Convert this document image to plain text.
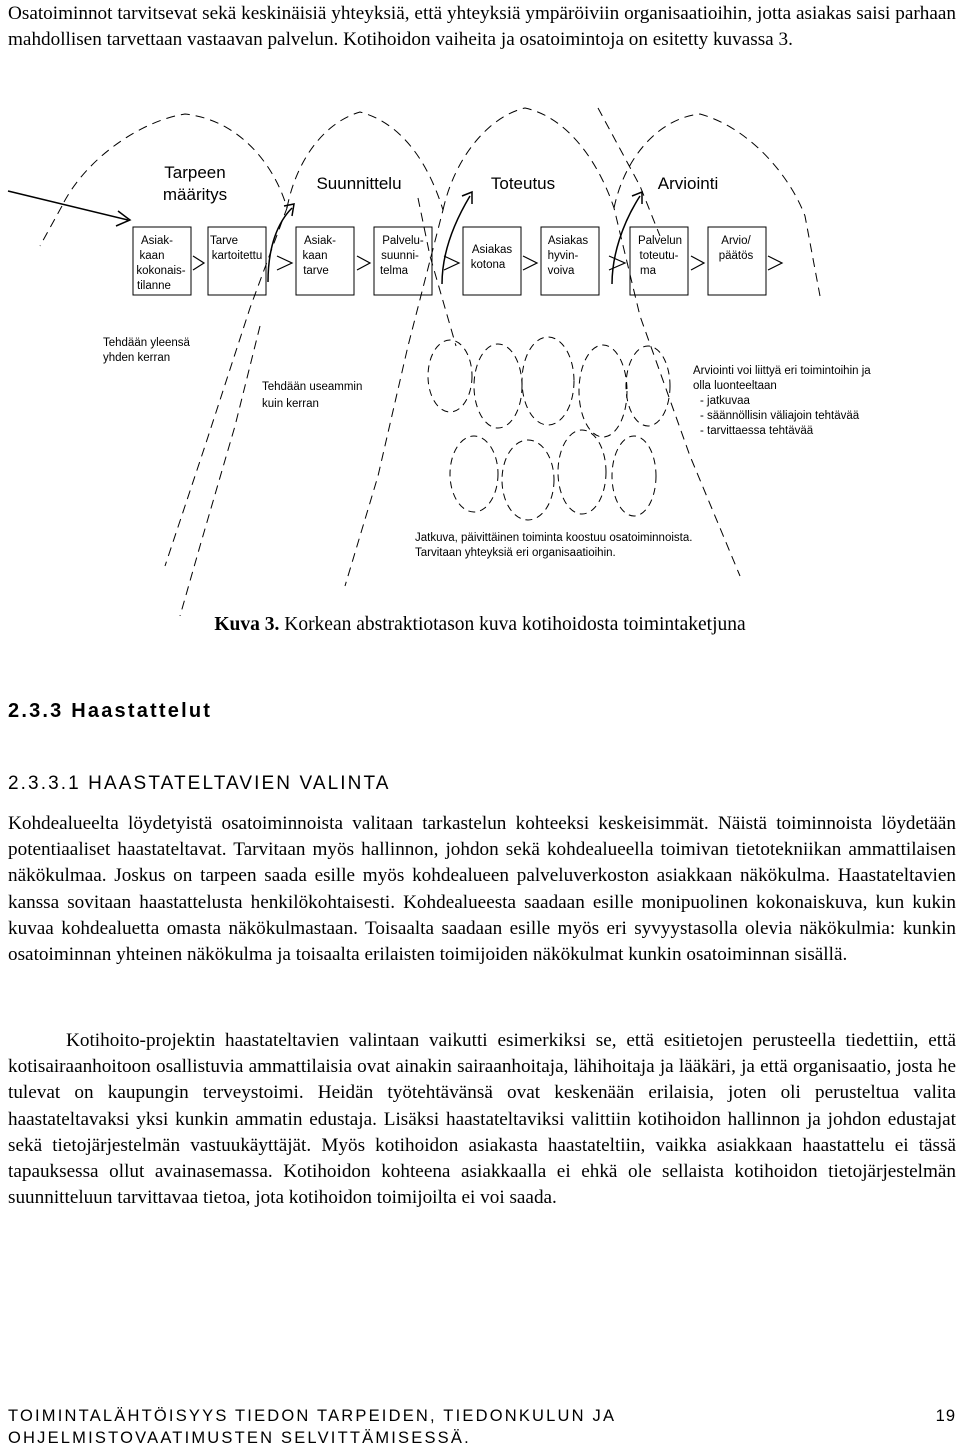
Osatoiminnot tarvitsevat sekä keskinäisiä yhteyksiä, että yhteyksiä ympäröiviin organisaatioihin, jotta asiakas saisi parhaan mahdollisen tarvettaan vastaavan palvelun. Kotihoidon vaiheita ja osatoimintoja on esitetty kuvassa 3.

Tarpeen
määritys
Suunnittelu	Toteutus	Arviointi
Asiak-
kaan
kokonais-
tilanne
Tarve
kartoitettu
Asiak-
kaan
tarve
Palvelu-
suunni-
telma
Asiakas
kotona
Asiakas
hyvin-
voiva
Palvelun
toteutu-
ma
Arvio/
päätös
Tehdään yleensä
yhden kerran
Tehdään useammin
kuin kerran
Arviointi voi liittyä eri toimintoihin ja
olla luonteeltaan
- jatkuvaa
- säännöllisin väliajoin tehtävää
- tarvittaessa tehtävää
Jatkuva, päivittäinen toiminta koostuu osatoiminnoista.
Tarvitaan yhteyksiä eri organisaatioihin.
Kuva 3. Korkean abstraktiotason kuva kotihoidosta toimintaketjuna
2.3.3 Haastattelut
2.3.3.1 HAASTATELTAVIEN VALINTA

Kohdealueelta löydetyistä osatoiminnoista valitaan tarkastelun kohteeksi keskeisimmät. Näistä toiminnoista löydetään potentiaaliset haastateltavat. Tarvitaan myös hallinnon, johdon sekä kohdealueella toimivan tietotekniikan ammattilaisen näkökulmaa. Joskus on tarpeen saada esille myös kohdealueen palveluverkoston asiakkaan näkökulma. Haastateltavien kanssa sovitaan haastattelusta henkilökohtaisesti. Kohdealueesta saadaan esille monipuolinen kokonaiskuva, kun kukin kuvaa kohdealuetta omasta näkökulmastaan. Toisaalta saadaan esille myös eri syvyystasolla olevia näkökulmia: kunkin osatoiminnan yhteinen näkökulma ja toisaalta erilaisten toimijoiden näkökulmat kunkin osatoiminnan sisällä.

Kotihoito-projektin haastateltavien valintaan vaikutti esimerkiksi se, että esitietojen perusteella tiedettiin, että kotisairaanhoitoon osallistuvia ammattilaisia ovat ainakin sairaanhoitaja, lähihoitaja ja lääkäri, ja että organisaatio, josta he tulevat on kaupungin terveystoimi. Heidän työtehtävänsä ovat keskenään erilaisia, joten oli perusteltua valita haastateltavaksi yksi kunkin ammatin edustaja. Lisäksi haastateltaviksi valittiin kotihoidon hallinnon ja johdon edustajat sekä tietojärjestelmän vastuukäyttäjät. Myös kotihoidon asiakasta haastateltiin, vaikka asiakkaan haastattelu ei tässä tapauksessa ollut avainasemassa. Kotihoidon kohteena asiakkaalla ei ehkä ole sellaista kotihoidon tietojärjestelmän suunnitteluun tarvittavaa tietoa, jota kotihoidon toimijoilta ei voi saada.

TOIMINTALÄHTÖISYYS TIEDON TARPEIDEN, TIEDONKULUN JA
OHJELMISTOVAATIMUSTEN SELVITTÄMISESSÄ.
19
